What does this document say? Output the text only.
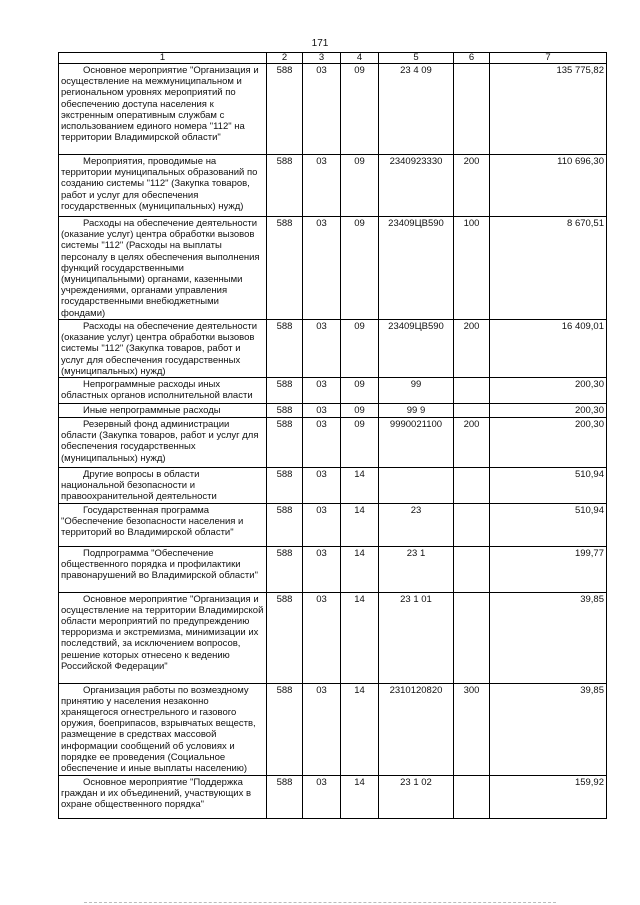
171
1	2	3	4	5	6	7
Основное мероприятие "Организация и осуществление на межмуниципальном и региональном уровнях мероприятий по обеспечению доступа населения к экстренным оперативным службам с использованием единого номера "112" на территории Владимирской области"	588	03	09	23 4 09		135 775,82
Мероприятия, проводимые на территории муниципальных образований по созданию системы "112" (Закупка товаров, работ и услуг для обеспечения государственных (муниципальных) нужд)	588	03	09	2340923330	200	110 696,30
Расходы на обеспечение деятельности (оказание услуг) центра обработки вызовов системы "112" (Расходы на выплаты персоналу в целях обеспечения выполнения функций государственными (муниципальными) органами, казенными учреждениями, органами управления государственными внебюджетными фондами)	588	03	09	23409ЦВ590	100	8 670,51
Расходы на обеспечение деятельности (оказание услуг) центра обработки вызовов системы "112" (Закупка товаров, работ и услуг для обеспечения государственных (муниципальных) нужд)	588	03	09	23409ЦВ590	200	16 409,01
Непрограммные расходы иных областных органов исполнительной власти	588	03	09	99		200,30
Иные непрограммные расходы	588	03	09	99 9		200,30
Резервный фонд администрации области (Закупка товаров, работ и услуг для обеспечения государственных (муниципальных) нужд)	588	03	09	9990021100	200	200,30
Другие вопросы в области национальной безопасности и правоохранительной деятельности	588	03	14			510,94
Государственная программа "Обеспечение безопасности населения и территорий во Владимирской области"	588	03	14	23		510,94
Подпрограмма "Обеспечение общественного порядка и профилактики правонарушений во Владимирской области"	588	03	14	23 1		199,77
Основное мероприятие "Организация и осуществление на территории Владимирской области мероприятий по предупреждению терроризма и экстремизма, минимизации их последствий, за исключением вопросов, решение которых отнесено к ведению Российской Федерации"	588	03	14	23 1 01		39,85
Организация работы по возмездному принятию у населения незаконно хранящегося огнестрельного и газового оружия, боеприпасов, взрывчатых веществ, размещение в средствах массовой информации сообщений об условиях и порядке ее проведения (Социальное обеспечение и иные выплаты населению)	588	03	14	2310120820	300	39,85
Основное мероприятие "Поддержка граждан и их объединений, участвующих в охране общественного порядка"	588	03	14	23 1 02		159,92
